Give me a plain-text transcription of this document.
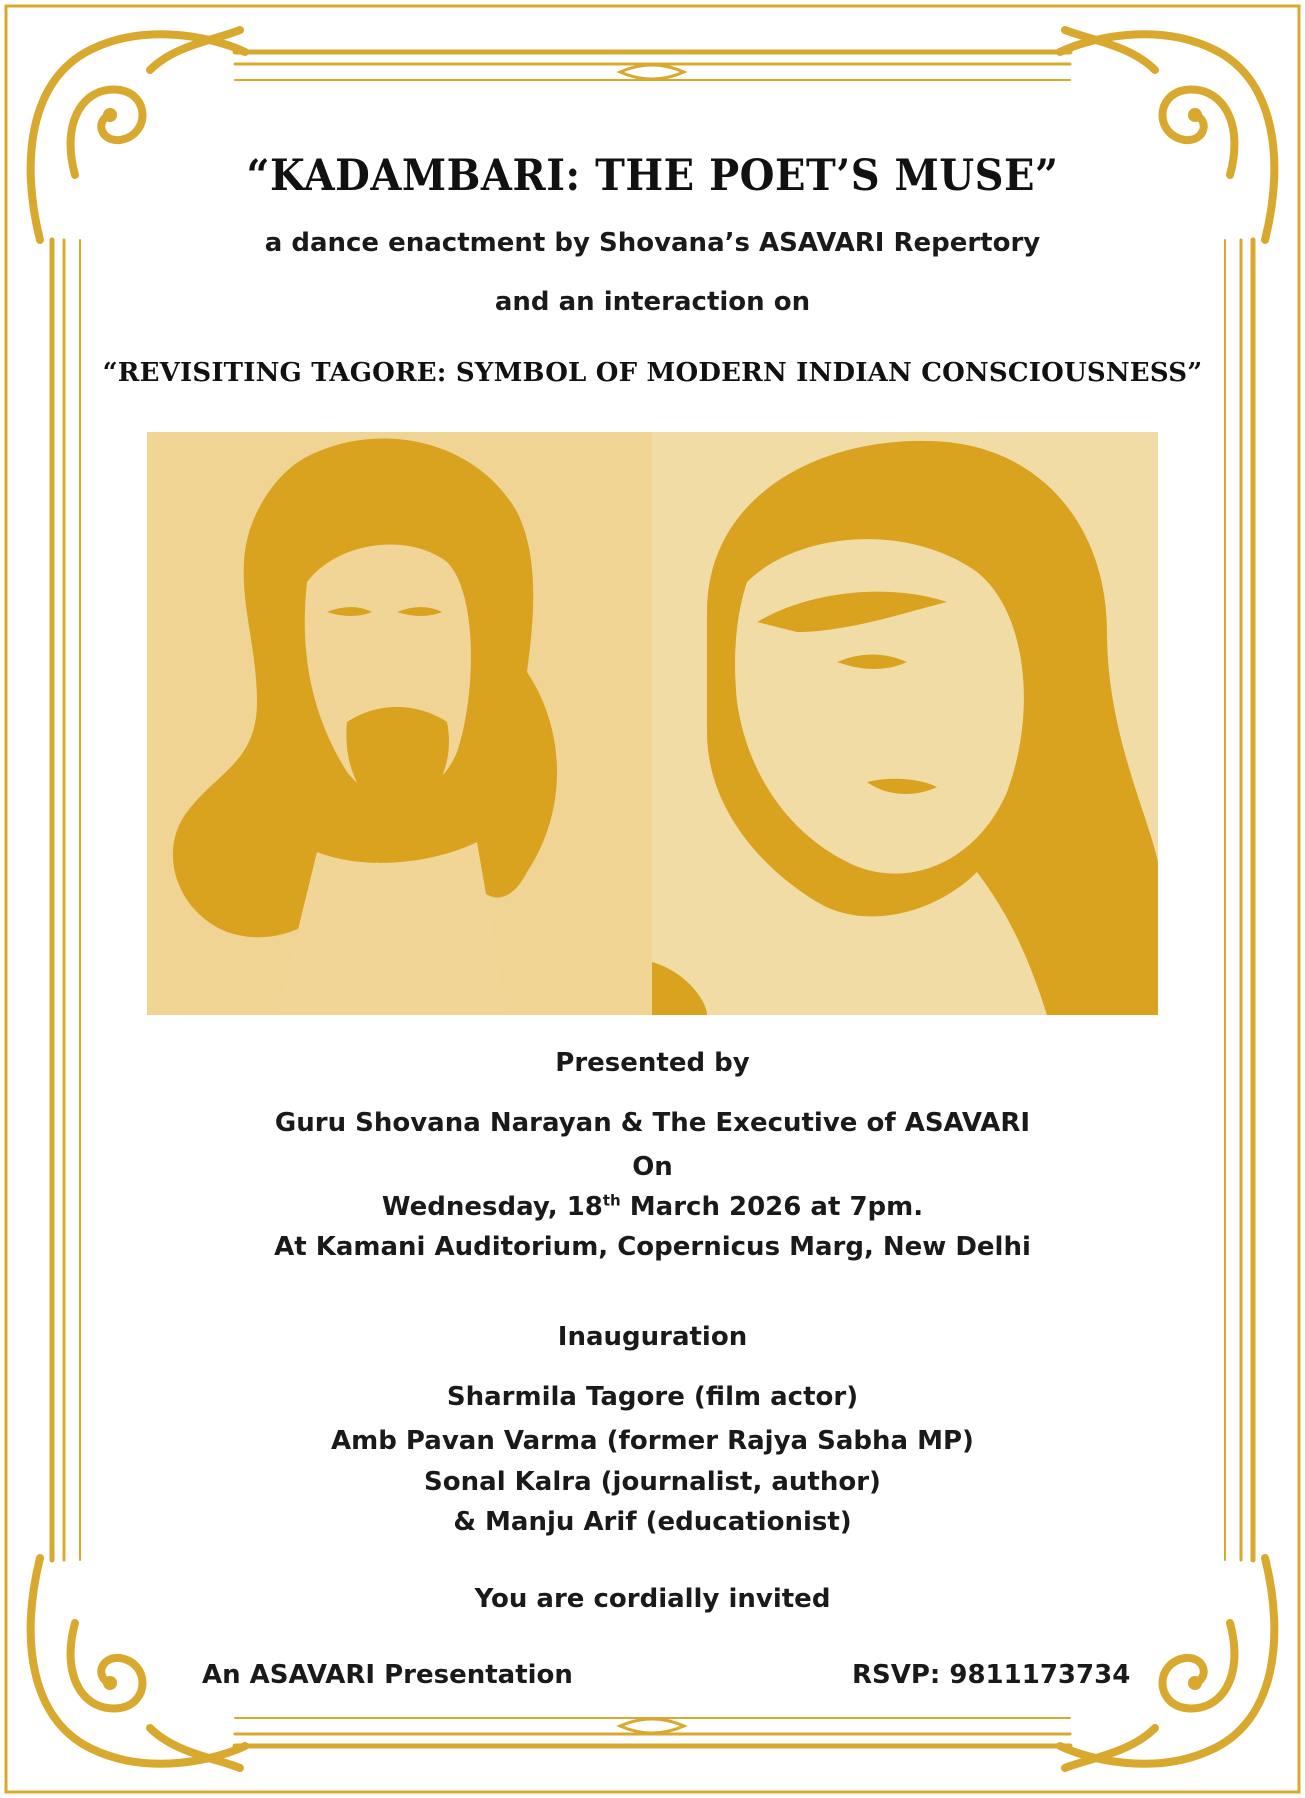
“KADAMBARI: THE POET’S MUSE”
a dance enactment by Shovana’s ASAVARI Repertory
and an interaction on
“REVISITING TAGORE: SYMBOL OF MODERN INDIAN CONSCIOUSNESS”
Presented by
Guru Shovana Narayan & The Executive of ASAVARI
On
Wednesday, 18th March 2026 at 7pm.
At Kamani Auditorium, Copernicus Marg, New Delhi
Inauguration
Sharmila Tagore (film actor)
Amb Pavan Varma (former Rajya Sabha MP)
Sonal Kalra (journalist, author)
& Manju Arif (educationist)
You are cordially invited
An ASAVARI Presentation	RSVP: 9811173734
